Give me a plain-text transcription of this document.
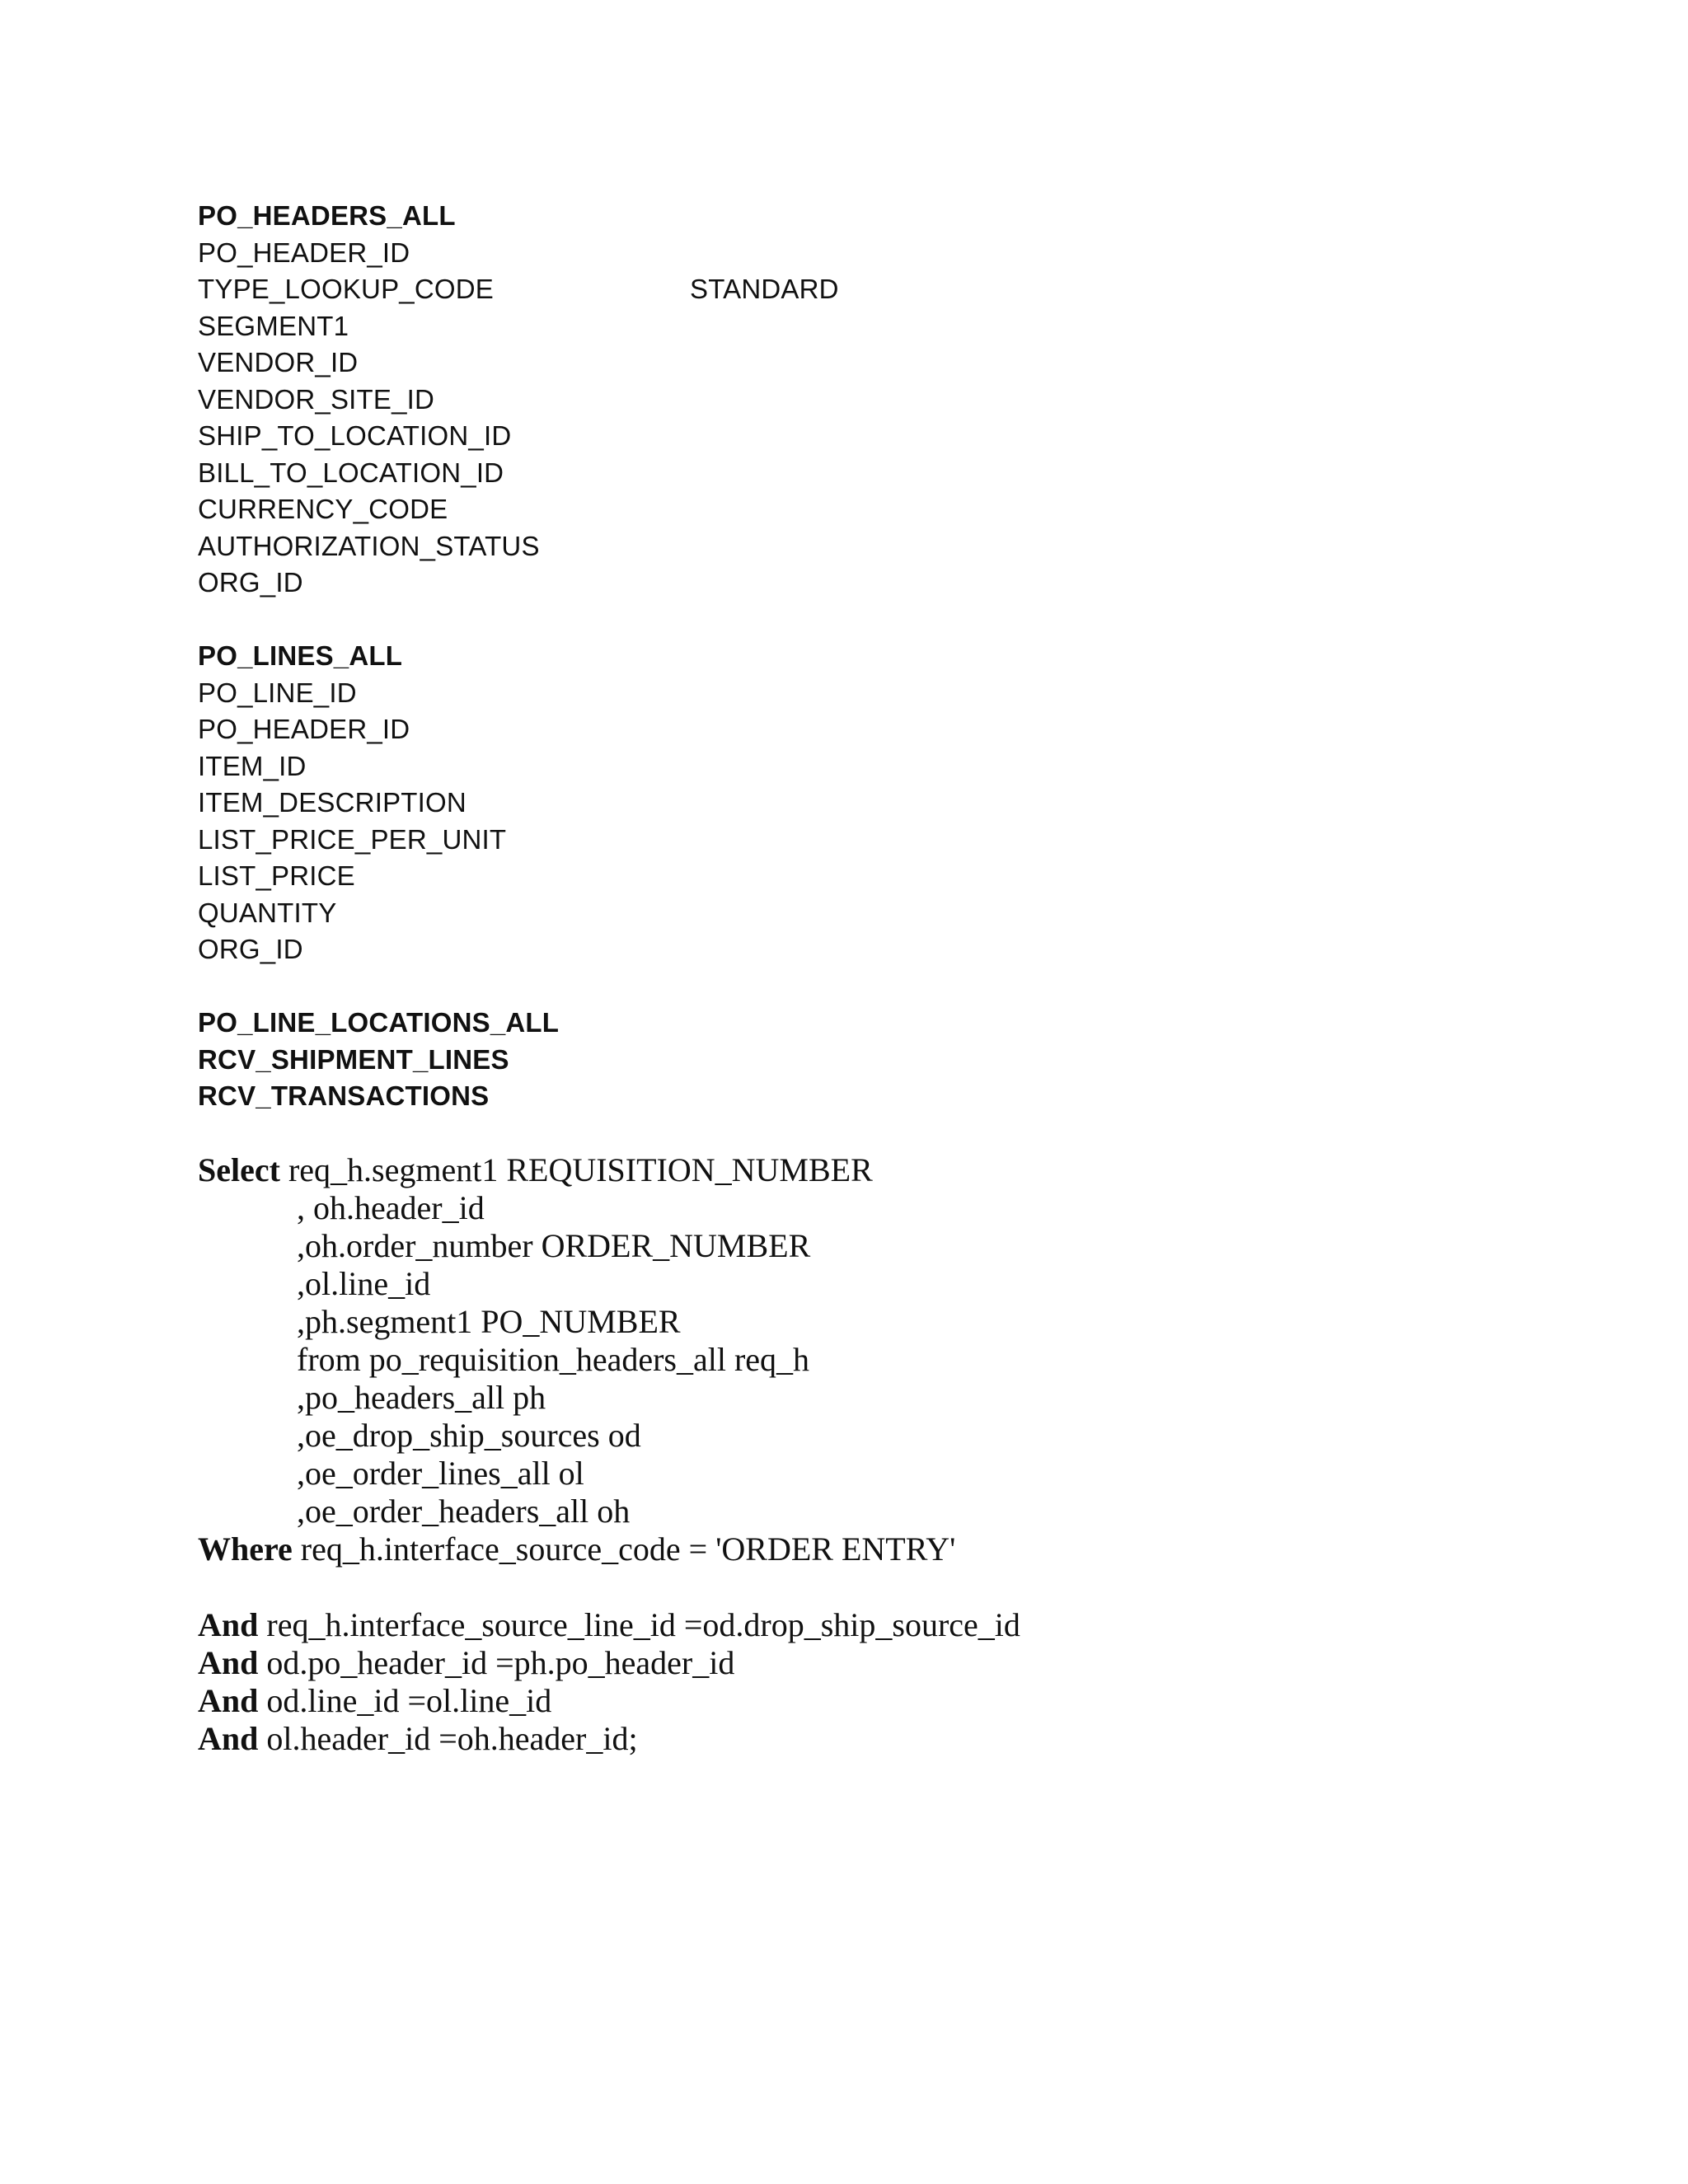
PO_HEADERS_ALL
PO_HEADER_ID
TYPE_LOOKUP_CODE	STANDARD
SEGMENT1
VENDOR_ID
VENDOR_SITE_ID
SHIP_TO_LOCATION_ID
BILL_TO_LOCATION_ID
CURRENCY_CODE
AUTHORIZATION_STATUS
ORG_ID
PO_LINES_ALL
PO_LINE_ID
PO_HEADER_ID
ITEM_ID
ITEM_DESCRIPTION
LIST_PRICE_PER_UNIT
LIST_PRICE
QUANTITY
ORG_ID
PO_LINE_LOCATIONS_ALL
RCV_SHIPMENT_LINES
RCV_TRANSACTIONS
Select req_h.segment1 REQUISITION_NUMBER
, oh.header_id
,oh.order_number ORDER_NUMBER
,ol.line_id
,ph.segment1 PO_NUMBER
from po_requisition_headers_all req_h
,po_headers_all ph
,oe_drop_ship_sources od
,oe_order_lines_all ol
,oe_order_headers_all oh
Where req_h.interface_source_code = 'ORDER ENTRY'
And req_h.interface_source_line_id =od.drop_ship_source_id
And od.po_header_id =ph.po_header_id
And od.line_id =ol.line_id
And ol.header_id =oh.header_id;
